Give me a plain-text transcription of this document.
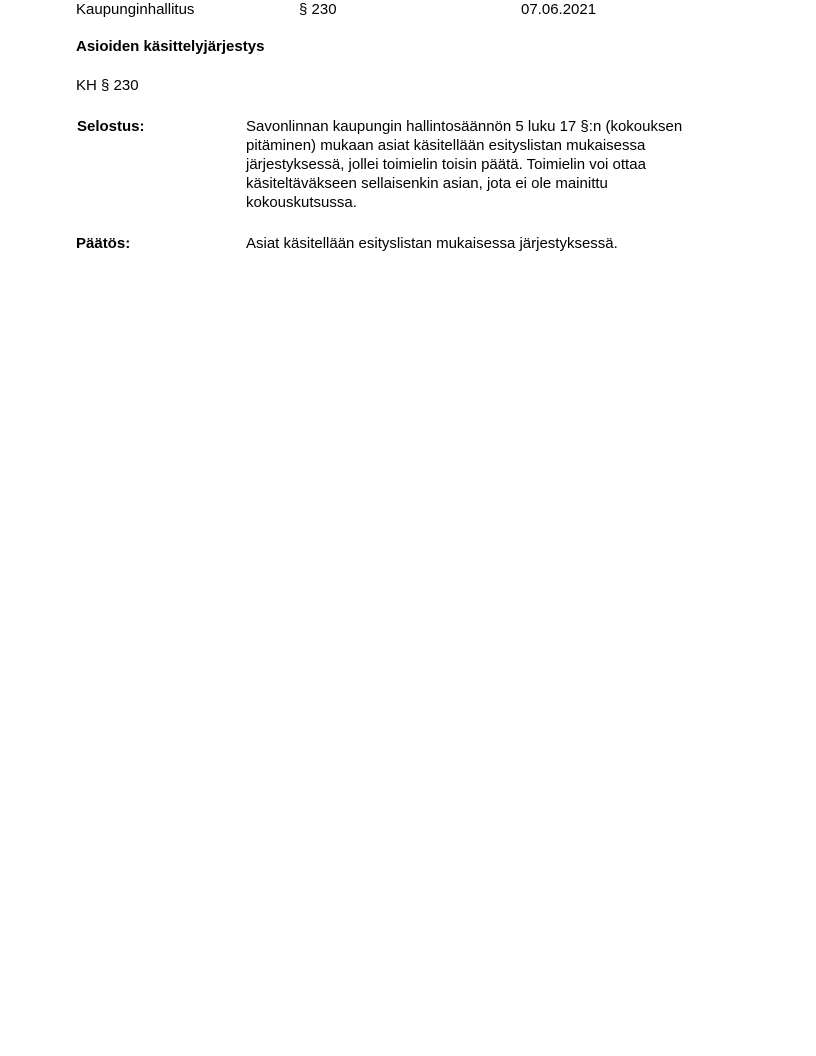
Kaupunginhallitus	§ 230	07.06.2021
Asioiden käsittelyjärjestys
KH § 230
Selostus:	Savonlinnan kaupungin hallintosäännön 5 luku 17 §:n (kokouksen
pitäminen) mukaan asiat käsitellään esityslistan mukaisessa
järjestyksessä, jollei toimielin toisin päätä. Toimielin voi ottaa
käsiteltäväkseen sellaisenkin asian, jota ei ole mainittu
kokouskutsussa.
Päätös:	Asiat käsitellään esityslistan mukaisessa järjestyksessä.
